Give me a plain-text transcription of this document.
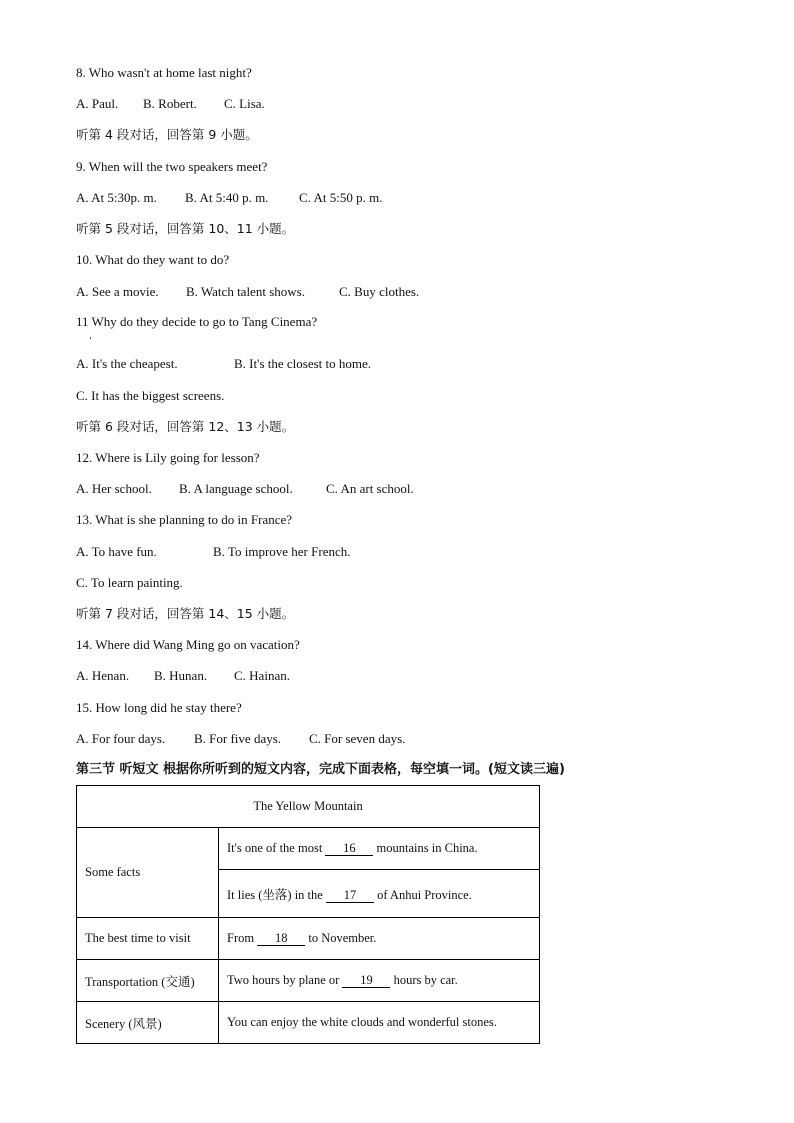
8. Who wasn't at home last night?
A. Paul. B. Robert. C. Lisa.
听第 4 段对话，回答第 9 小题。
9. When will the two speakers meet?
A. At 5:30p. m. B. At 5:40 p. m. C. At 5:50 p. m.
听第 5 段对话，回答第 10、11 小题。
10. What do they want to do?
A. See a movie. B. Watch talent shows.	C. Buy clothes.
11 Why do they decide to go to Tang Cinema?
A. It's the cheapest.	B. It's the closest to home.
C. It has the biggest screens.
听第 6 段对话，回答第 12、13 小题。
12. Where is Lily going for lesson?
A. Her school. B. A language school.	C. An art school.
13. What is she planning to do in France?
A. To have fun.	B. To improve her French.
C. To learn painting.
听第 7 段对话，回答第 14、15 小题。
14. Where did Wang Ming go on vacation?
A. Henan. B. Hunan. C. Hainan.
15. How long did he stay there?
A. For four days. B. For five days. C. For seven days.
第三节 听短文 根据你所听到的短文内容，完成下面表格，每空填一词。(短文读三遍)
The Yellow Mountain	
Some facts	It's one of the most 16 mountains in China.
	It lies (坐落) in the 17 of Anhui Province.
The best time to visit	From 18 to November.
Transportation (交通)	Two hours by plane or 19 hours by car.
Scenery (风景)	You can enjoy the white clouds and wonderful stones.
